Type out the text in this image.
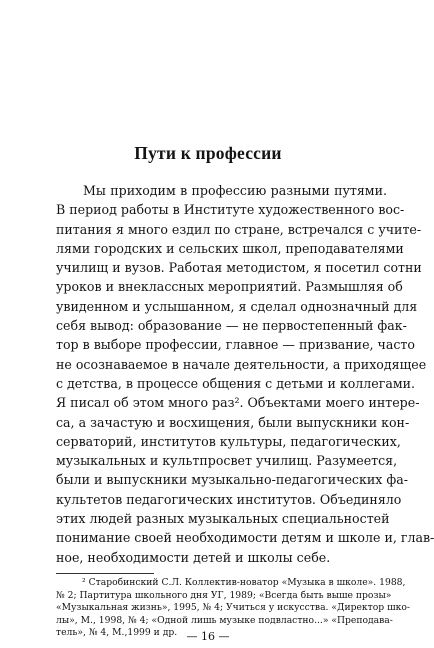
Пути к профессии
Мы приходим в профессию разными путями.
В период работы в Институте художественного вос-
питания я много ездил по стране, встречался с учите-
лями городских и сельских школ, преподавателями
училищ и вузов. Работая методистом, я посетил сотни
уроков и внеклассных мероприятий. Размышляя об
увиденном и услышанном, я сделал однозначный для
себя вывод: образование — не первостепенный фак-
тор в выборе профессии, главное — призвание, часто
не осознаваемое в начале деятельности, а приходящее
с детства, в процессе общения с детьми и коллегами.
Я писал об этом много раз². Объектами моего интере-
са, а зачастую и восхищения, были выпускники кон-
серваторий, институтов культуры, педагогических,
музыкальных и культпросвет училищ. Разумеется,
были и выпускники музыкально-педагогических фа-
культетов педагогических институтов. Объединяло
этих людей разных музыкальных специальностей
понимание своей необходимости детям и школе и, глав-
ное, необходимости детей и школы себе.
² Старобинский С.Л. Коллектив-новатор «Музыка в школе». 1988,
№ 2; Партитура школьного дня УГ, 1989; «Всегда быть выше прозы»
«Музыкальная жизнь», 1995, № 4; Учиться у искусства. «Директор шко-
лы», М., 1998, № 4; «Одной лишь музыке подвластно...» «Преподава-
тель», № 4, М.,1999 и др. — 16 —
